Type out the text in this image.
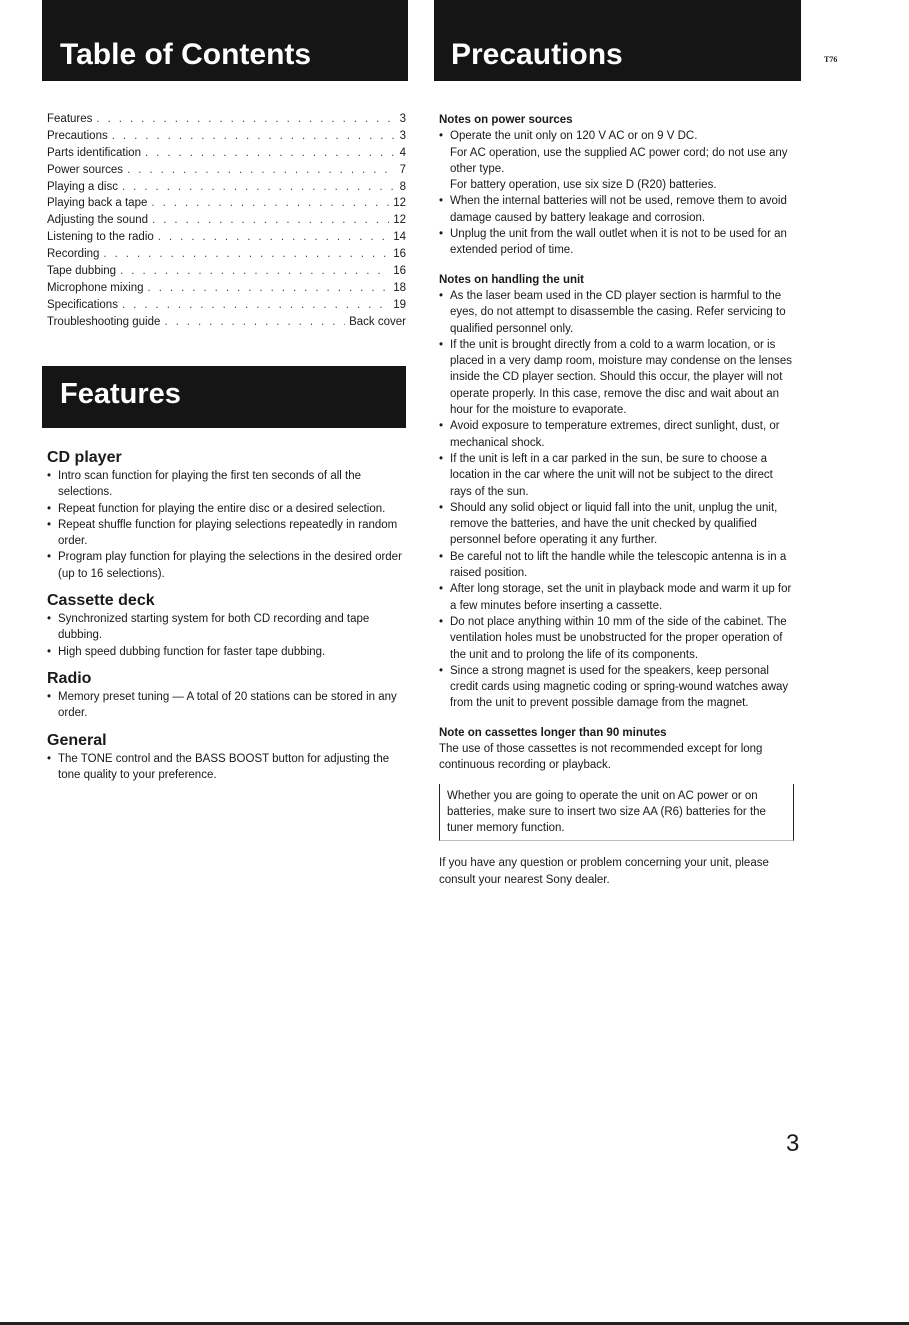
Table of Contents	Precautions	T76
Features . . .	3
Precautions . . .	3
Parts identification . . .	4
Power sources . . .	7
Playing a disc . . .	8
Playing back a tape . . .	12
Adjusting the sound . . .	12
Listening to the radio . . .	14
Recording . . .	16
Tape dubbing . . .	16
Microphone mixing . . .	18
Specifications . . .	19
Troubleshooting guide . . .	Back cover
Features
CD player
• Intro scan function for playing the first ten seconds of all the selections.
• Repeat function for playing the entire disc or a desired selection.
• Repeat shuffle function for playing selections repeatedly in random order.
• Program play function for playing the selections in the desired order (up to 16 selections).
Cassette deck
• Synchronized starting system for both CD recording and tape dubbing.
• High speed dubbing function for faster tape dubbing.
Radio
• Memory preset tuning — A total of 20 stations can be stored in any order.
General
• The TONE control and the BASS BOOST button for adjusting the tone quality to your preference.
Notes on power sources
• Operate the unit only on 120 V AC or on 9 V DC.

For AC operation, use the supplied AC power cord; do not use any other type.

For battery operation, use six size D (R20) batteries.

• When the internal batteries will not be used, remove them to avoid damage caused by battery leakage and corrosion.
• Unplug the unit from the wall outlet when it is not to be used for an extended period of time.
Notes on handling the unit
• As the laser beam used in the CD player section is harmful to the eyes, do not attempt to disassemble the casing. Refer servicing to qualified personnel only.
• If the unit is brought directly from a cold to a warm location, or is placed in a very damp room, moisture may condense on the lenses inside the CD player section. Should this occur, the player will not operate properly. In this case, remove the disc and wait about an hour for the moisture to evaporate.
• Avoid exposure to temperature extremes, direct sunlight, dust, or mechanical shock.
• If the unit is left in a car parked in the sun, be sure to choose a location in the car where the unit will not be subject to the direct rays of the sun.
• Should any solid object or liquid fall into the unit, unplug the unit, remove the batteries, and have the unit checked by qualified personnel before operating it any further.
• Be careful not to lift the handle while the telescopic antenna is in a raised position.
• After long storage, set the unit in playback mode and warm it up for a few minutes before inserting a cassette.
• Do not place anything within 10 mm of the side of the cabinet. The ventilation holes must be unobstructed for the proper operation of the unit and to prolong the life of its components.
• Since a strong magnet is used for the speakers, keep personal credit cards using magnetic coding or spring-wound watches away from the unit to prevent possible damage from the magnet.
Note on cassettes longer than 90 minutes

The use of those cassettes is not recommended except for long continuous recording or playback.

Whether you are going to operate the unit on AC power or on batteries, make sure to insert two size AA (R6) batteries for the tuner memory function.

If you have any question or problem concerning your unit, please consult your nearest Sony dealer.

3
